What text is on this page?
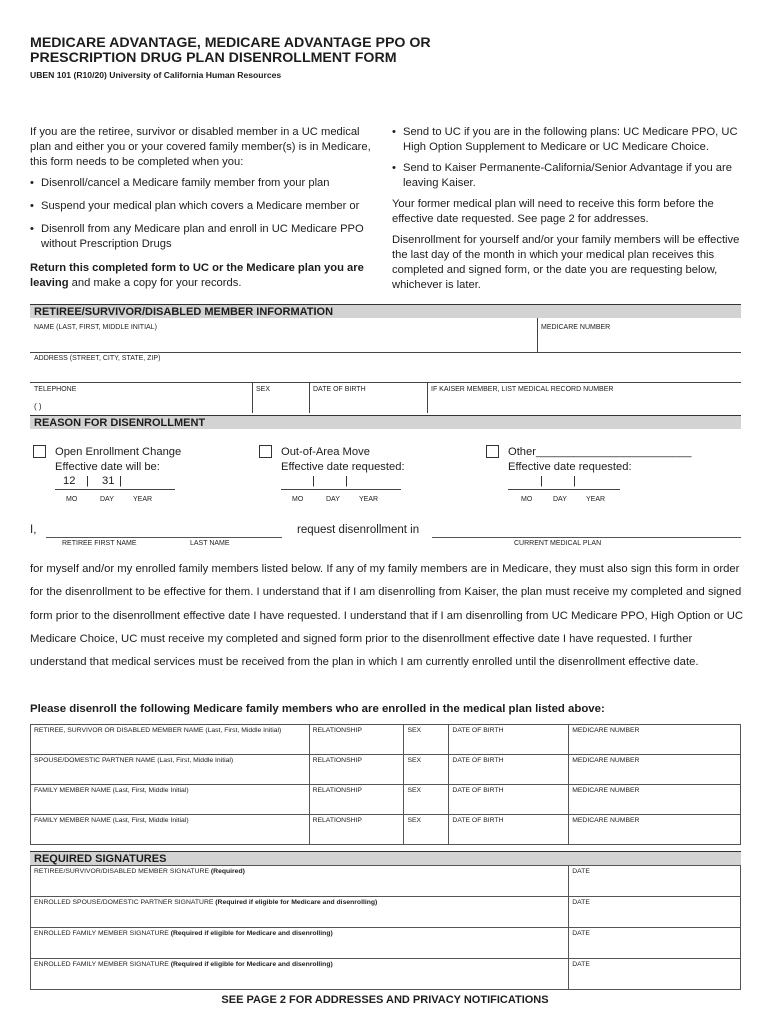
MEDICARE ADVANTAGE, MEDICARE ADVANTAGE PPO OR
PRESCRIPTION DRUG PLAN DISENROLLMENT FORM
UBEN 101 (R10/20) University of California Human Resources
If you are the retiree, survivor or disabled member in a UC medical plan and either you or your covered family member(s) is in Medicare, this form needs to be completed when you:
• Disenroll/cancel a Medicare family member from your plan
• Suspend your medical plan which covers a Medicare member or
• Disenroll from any Medicare plan and enroll in UC Medicare PPO without Prescription Drugs
Return this completed form to UC or the Medicare plan you are leaving and make a copy for your records.
• Send to UC if you are in the following plans: UC Medicare PPO, UC High Option Supplement to Medicare or UC Medicare Choice.
• Send to Kaiser Permanente-California/Senior Advantage if you are leaving Kaiser.
Your former medical plan will need to receive this form before the effective date requested. See page 2 for addresses.
Disenrollment for yourself and/or your family members will be effective the last day of the month in which your medical plan receives this completed and signed form, or the date you are requesting below, whichever is later.
RETIREE/SURVIVOR/DISABLED MEMBER INFORMATION
NAME (LAST, FIRST, MIDDLE INITIAL)	MEDICARE NUMBER
ADDRESS (STREET, CITY, STATE, ZIP)
TELEPHONE
( )
SEX	DATE OF BIRTH	IF KAISER MEMBER, LIST MEDICAL RECORD NUMBER
REASON FOR DISENROLLMENT
Open Enrollment Change
Effective date will be:
12 | 31 |
MO	DAY	YEAR
Out-of-Area Move
Effective date requested:
|	|
MO	DAY	YEAR
Other_________________________
Effective date requested:
|	|
MO	DAY	YEAR
I,	request disenrollment in
RETIREE FIRST NAME	LAST NAME	CURRENT MEDICAL PLAN
for myself and/or my enrolled family members listed below. If any of my family members are in Medicare, they must also sign this form in order for the disenrollment to be effective for them. I understand that if I am disenrolling from Kaiser, the plan must receive my completed and signed form prior to the disenrollment effective date I have requested. I understand that if I am disenrolling from UC Medicare PPO, High Option or UC Medicare Choice, UC must receive my completed and signed form prior to the disenrollment effective date I have requested. I further understand that medical services must be received from the plan in which I am currently enrolled until the disenrollment effective date.
Please disenroll the following Medicare family members who are enrolled in the medical plan listed above:
RETIREE, SURVIVOR OR DISABLED MEMBER NAME (Last, First, Middle Initial)	RELATIONSHIP	SEX	DATE OF BIRTH	MEDICARE NUMBER
SPOUSE/DOMESTIC PARTNER NAME (Last, First, Middle Initial)	RELATIONSHIP	SEX	DATE OF BIRTH	MEDICARE NUMBER
FAMILY MEMBER NAME (Last, First, Middle Initial)	RELATIONSHIP	SEX	DATE OF BIRTH	MEDICARE NUMBER
FAMILY MEMBER NAME (Last, First, Middle Initial)	RELATIONSHIP	SEX	DATE OF BIRTH	MEDICARE NUMBER
REQUIRED SIGNATURES
RETIREE/SURVIVOR/DISABLED MEMBER SIGNATURE (Required)	DATE
ENROLLED SPOUSE/DOMESTIC PARTNER SIGNATURE (Required if eligible for Medicare and disenrolling)	DATE
ENROLLED FAMILY MEMBER SIGNATURE (Required if eligible for Medicare and disenrolling)	DATE
ENROLLED FAMILY MEMBER SIGNATURE (Required if eligible for Medicare and disenrolling)	DATE
SEE PAGE 2 FOR ADDRESSES AND PRIVACY NOTIFICATIONS
